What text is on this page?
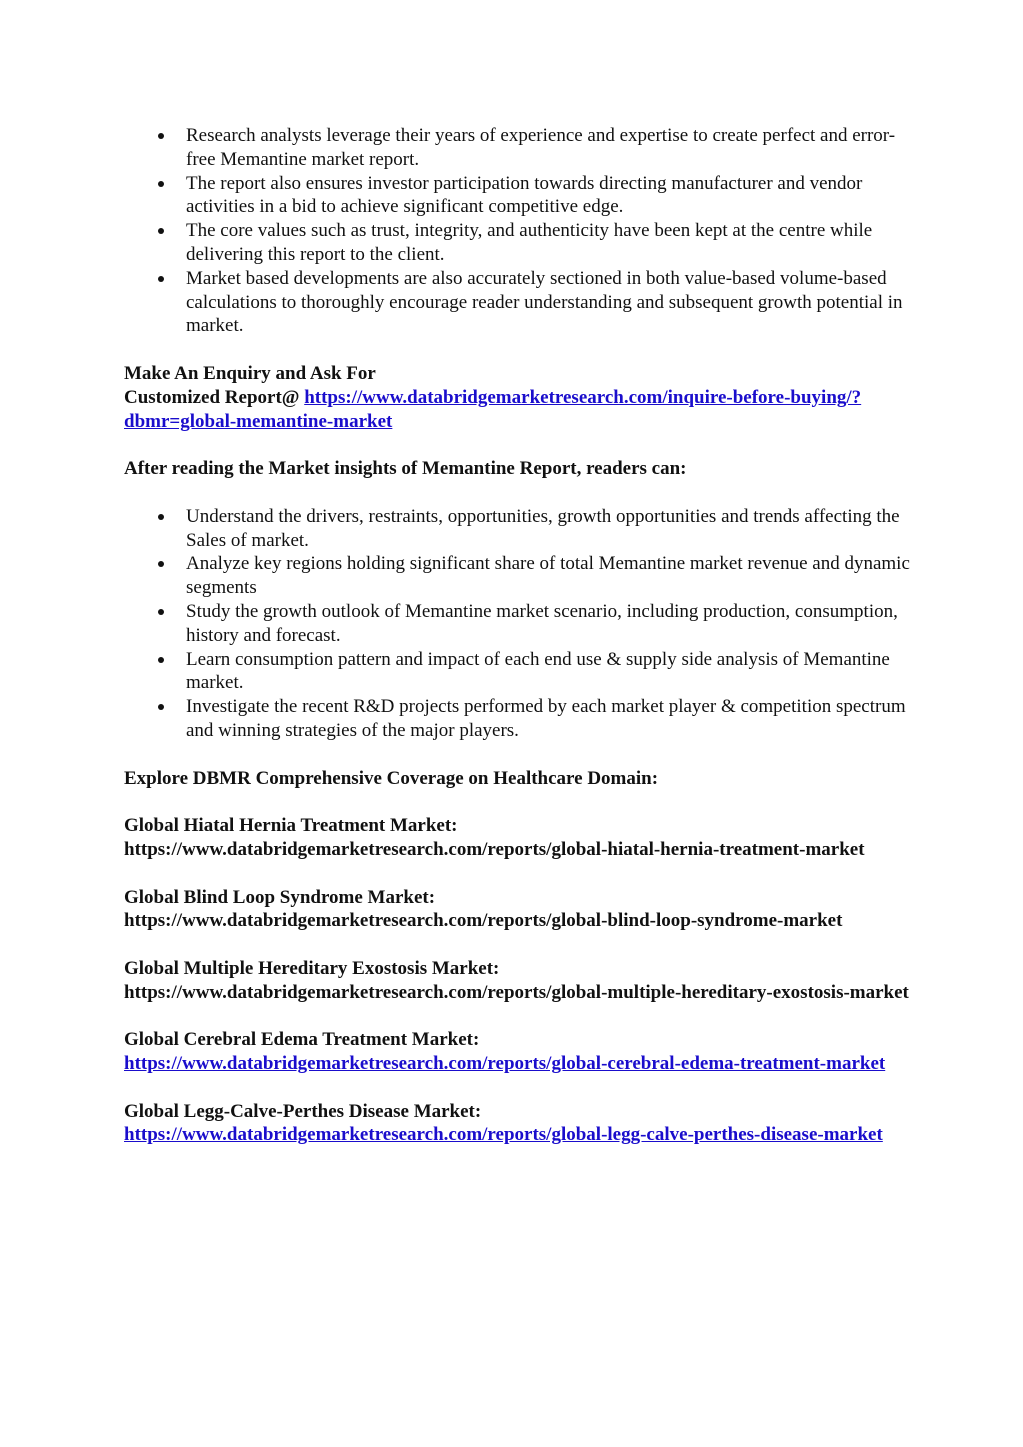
Research analysts leverage their years of experience and expertise to create perfect and error-free Memantine market report.
The report also ensures investor participation towards directing manufacturer and vendor activities in a bid to achieve significant competitive edge.
The core values such as trust, integrity, and authenticity have been kept at the centre while delivering this report to the client.
Market based developments are also accurately sectioned in both value-based volume-based calculations to thoroughly encourage reader understanding and subsequent growth potential in market.

Make An Enquiry and Ask For
Customized Report@ https://www.databridgemarketresearch.com/inquire-before-buying/?dbmr=global-memantine-market

After reading the Market insights of Memantine Report, readers can:

Understand the drivers, restraints, opportunities, growth opportunities and trends affecting the Sales of market.
Analyze key regions holding significant share of total Memantine market revenue and dynamic segments
Study the growth outlook of Memantine market scenario, including production, consumption, history and forecast.
Learn consumption pattern and impact of each end use & supply side analysis of Memantine market.
Investigate the recent R&D projects performed by each market player & competition spectrum and winning strategies of the major players.

Explore DBMR Comprehensive Coverage on Healthcare Domain:

Global Hiatal Hernia Treatment Market:
https://www.databridgemarketresearch.com/reports/global-hiatal-hernia-treatment-market

Global Blind Loop Syndrome Market:
https://www.databridgemarketresearch.com/reports/global-blind-loop-syndrome-market

Global Multiple Hereditary Exostosis Market:
https://www.databridgemarketresearch.com/reports/global-multiple-hereditary-exostosis-market

Global Cerebral Edema Treatment Market:
https://www.databridgemarketresearch.com/reports/global-cerebral-edema-treatment-market

Global Legg-Calve-Perthes Disease Market:
https://www.databridgemarketresearch.com/reports/global-legg-calve-perthes-disease-market
